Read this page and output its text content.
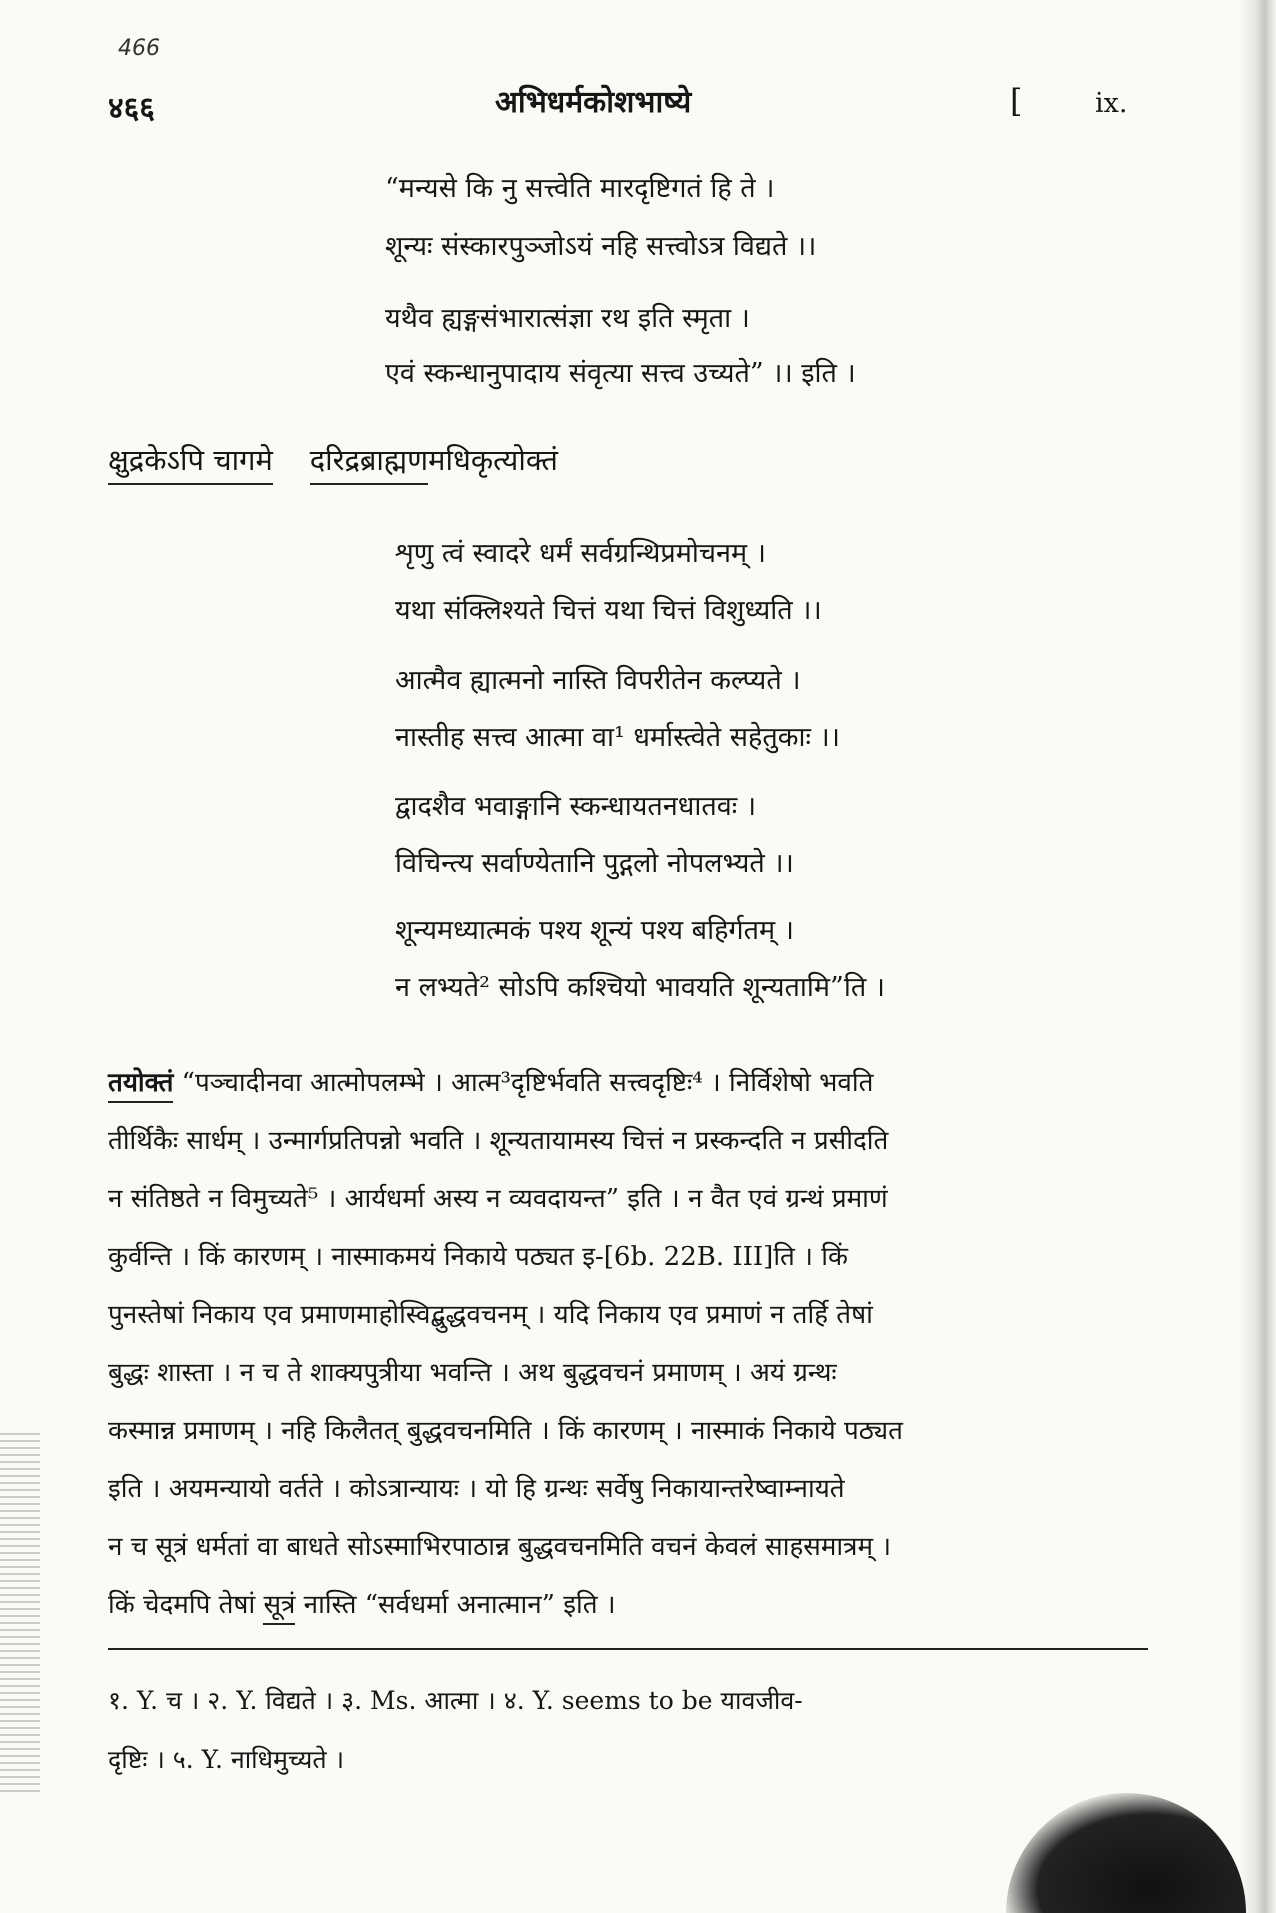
466
४६६	अभिधर्मकोशभाष्ये	[	ix.
“मन्यसे कि नु सत्त्वेति मारदृष्टिगतं हि ते ।
शून्यः संस्कारपुञ्जोऽयं नहि सत्त्वोऽत्र विद्यते ।।
यथैव ह्यङ्गसंभारात्संज्ञा रथ इति स्मृता ।
एवं स्कन्धानुपादाय संवृत्या सत्त्व उच्यते” ।। इति ।
क्षुद्रकेऽपि चागमे दरिद्रब्राह्मणमधिकृत्योक्तं
शृणु त्वं स्वादरे धर्मं सर्वग्रन्थिप्रमोचनम् ।
यथा संक्लिश्यते चित्तं यथा चित्तं विशुध्यति ।।
आत्मैव ह्यात्मनो नास्ति विपरीतेन कल्प्यते ।
नास्तीह सत्त्व आत्मा वा¹ धर्मास्त्वेते सहेतुकाः ।।
द्वादशैव भवाङ्गानि स्कन्धायतनधातवः ।
विचिन्त्य सर्वाण्येतानि पुद्गलो नोपलभ्यते ।।
शून्यमध्यात्मकं पश्य शून्यं पश्य बहिर्गतम् ।
न लभ्यते² सोऽपि कश्चियो भावयति शून्यतामि”ति ।
तयोक्तं “पञ्चादीनवा आत्मोपलम्भे । आत्म³दृष्टिर्भवति सत्त्वदृष्टिः⁴ । निर्विशेषो भवति
तीर्थिकैः सार्धम् । उन्मार्गप्रतिपन्नो भवति । शून्यतायामस्य चित्तं न प्रस्कन्दति न प्रसीदति
न संतिष्ठते न विमुच्यते⁵ । आर्यधर्मा अस्य न व्यवदायन्त” इति । न वैत एवं ग्रन्थं प्रमाणं
कुर्वन्ति । किं कारणम् । नास्माकमयं निकाये पठ्यत इ-[6b. 22B. III]ति । किं
पुनस्तेषां निकाय एव प्रमाणमाहोस्विद्बुद्धवचनम् । यदि निकाय एव प्रमाणं न तर्हि तेषां
बुद्धः शास्ता । न च ते शाक्यपुत्रीया भवन्ति । अथ बुद्धवचनं प्रमाणम् । अयं ग्रन्थः
कस्मान्न प्रमाणम् । नहि किलैतत् बुद्धवचनमिति । किं कारणम् । नास्माकं निकाये पठ्यत
इति । अयमन्यायो वर्तते । कोऽत्रान्यायः । यो हि ग्रन्थः सर्वेषु निकायान्तरेष्वाम्नायते
न च सूत्रं धर्मतां वा बाधते सोऽस्माभिरपाठान्न बुद्धवचनमिति वचनं केवलं साहसमात्रम् ।
किं चेदमपि तेषां सूत्रं नास्ति “सर्वधर्मा अनात्मान” इति ।
१. Y. च । २. Y. विद्यते । ३. Ms. आत्मा । ४. Y. seems to be यावजीव-
दृष्टिः । ५. Y. नाधिमुच्यते ।
